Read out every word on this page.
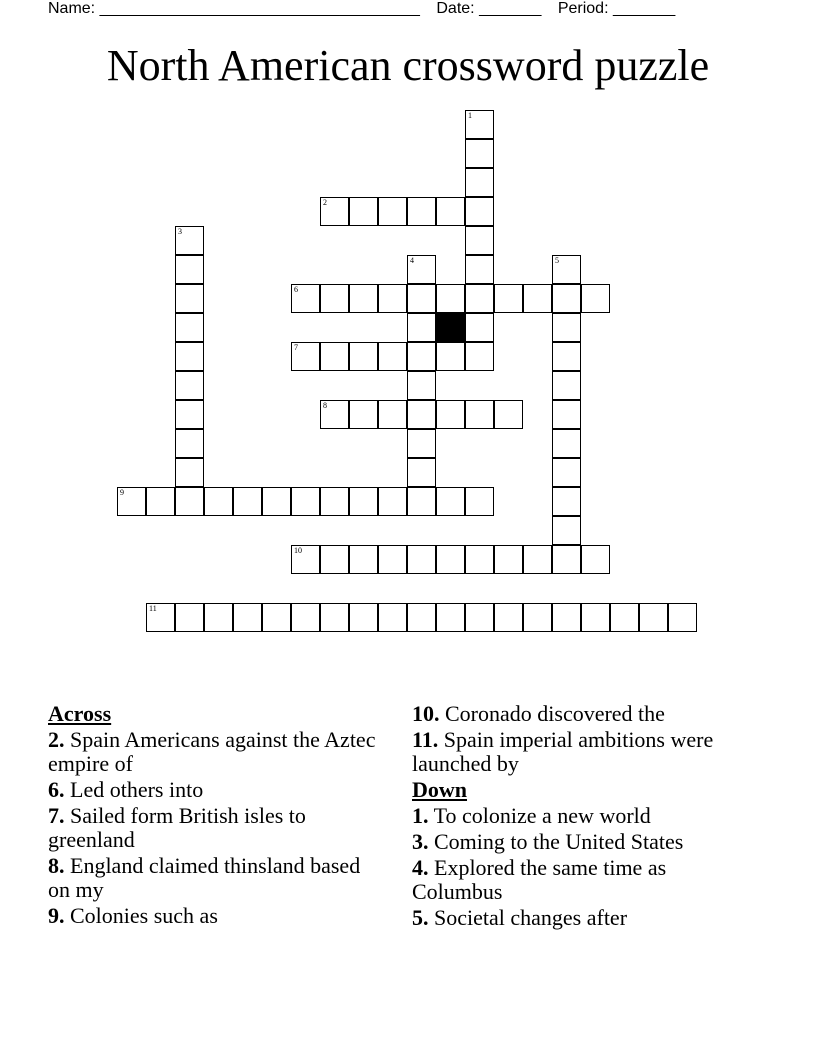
Name: ____________________________________ Date: _______ Period: _______
North American crossword puzzle
1
2
3
4	5
6
7
8
9
10
11
Across
2. Spain Americans against the Aztec empire of
6. Led others into
7. Sailed form British isles to greenland
8. England claimed thinsland based on my
9. Colonies such as
10. Coronado discovered the
11. Spain imperial ambitions were launched by
Down
1. To colonize a new world
3. Coming to the United States
4. Explored the same time as Columbus
5. Societal changes after
